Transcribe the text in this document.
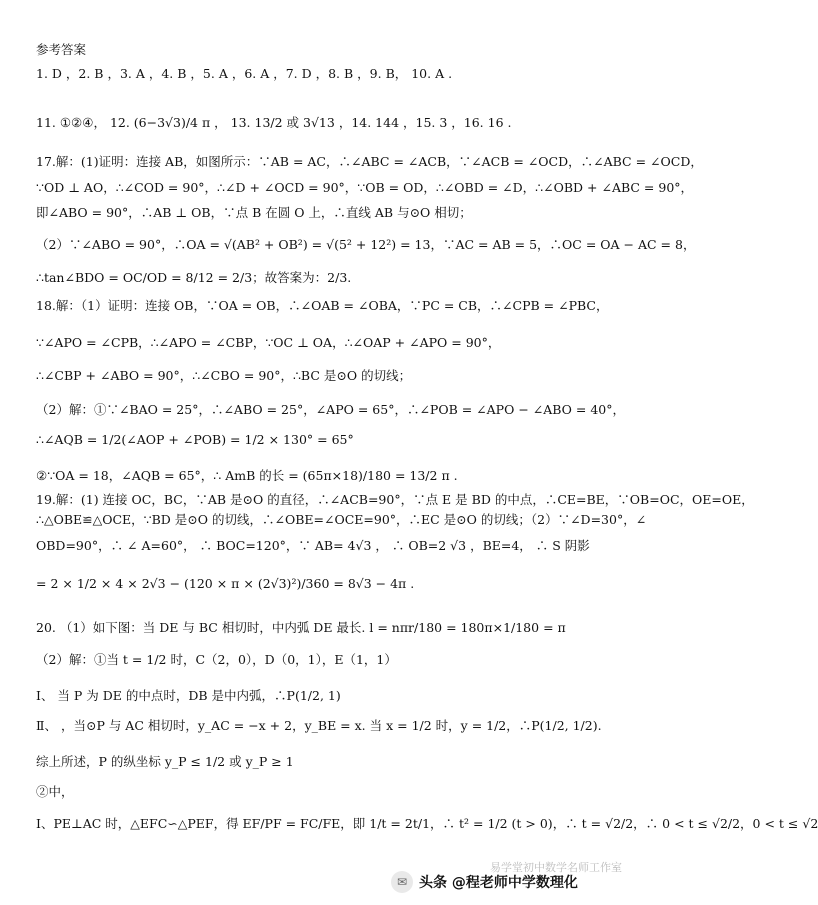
参考答案
1. D ，2. B ，3. A ，4. B ，5. A ，6. A ，7. D ，8. B ，9. B， 10. A .
11. ①②④， 12. (6−3√3)/4 π ， 13. 13/2 或 3√13 ，14. 144 ，15. 3 ，16. 16 .
17.解：(1)证明：连接 AB，如图所示：∵AB = AC，∴∠ABC = ∠ACB，∵∠ACB = ∠OCD，∴∠ABC = ∠OCD，
∵OD ⊥ AO，∴∠COD = 90°，∴∠D + ∠OCD = 90°，∵OB = OD，∴∠OBD = ∠D，∴∠OBD + ∠ABC = 90°，
即∠ABO = 90°，∴AB ⊥ OB，∵点 B 在圆 O 上，∴直线 AB 与⊙O 相切；
（2）∵∠ABO = 90°，∴OA = √(AB² + OB²) = √(5² + 12²) = 13，∵AC = AB = 5，∴OC = OA − AC = 8，
∴tan∠BDO = OC/OD = 8/12 = 2/3；故答案为：2/3.
18.解：（1）证明：连接 OB，∵OA = OB，∴∠OAB = ∠OBA，∵PC = CB，∴∠CPB = ∠PBC，
∵∠APO = ∠CPB，∴∠APO = ∠CBP，∵OC ⊥ OA，∴∠OAP + ∠APO = 90°，
∴∠CBP + ∠ABO = 90°，∴∠CBO = 90°，∴BC 是⊙O 的切线；
（2）解：①∵∠BAO = 25°，∴∠ABO = 25°，∠APO = 65°，∴∠POB = ∠APO − ∠ABO = 40°，
∴∠AQB = 1/2(∠AOP + ∠POB) = 1/2 × 130° = 65°
②∵OA = 18，∠AQB = 65°，∴ AmB 的长 = (65π×18)/180 = 13/2 π .
19.解：(1) 连接 OC，BC，∵AB 是⊙O 的直径，∴∠ACB=90°，∵点 E 是 BD 的中点，∴CE=BE，∵OB=OC，OE=OE，
∴△OBE≌△OCE，∵BD 是⊙O 的切线，∴∠OBE=∠OCE=90°，∴EC 是⊙O 的切线；（2）∵∠D=30°，∠
OBD=90°，∴ ∠ A=60°， ∴ BOC=120°，∵ AB= 4√3 ， ∴ OB=2 √3 ，BE=4， ∴ S 阴影
= 2 × 1/2 × 4 × 2√3 − (120 × π × (2√3)²)/360 = 8√3 − 4π .
20. （1）如下图：当 DE 与 BC 相切时，中内弧 DE 最长. l = nπr/180 = 180π×1/180 = π
（2）解：①当 t = 1/2 时，C（2，0），D（0，1），E（1，1）
Ⅰ、 当 P 为 DE 的中点时，DB 是中内弧，∴P(1/2, 1)
Ⅱ、 ，当⊙P 与 AC 相切时，y_AC = −x + 2，y_BE = x. 当 x = 1/2 时，y = 1/2，∴P(1/2, 1/2).
综上所述，P 的纵坐标 y_P ≤ 1/2 或 y_P ≥ 1
②中，
Ⅰ、PE⊥AC 时，△EFC∽△PEF，得 EF/PF = FC/FE，即 1/t = 2t/1，∴ t² = 1/2 (t > 0)，∴ t = √2/2，∴ 0 < t ≤ √2/2，0 < t ≤ √2
易学堂初中数学名师工作室
✉ 头条 @程老师中学数理化
